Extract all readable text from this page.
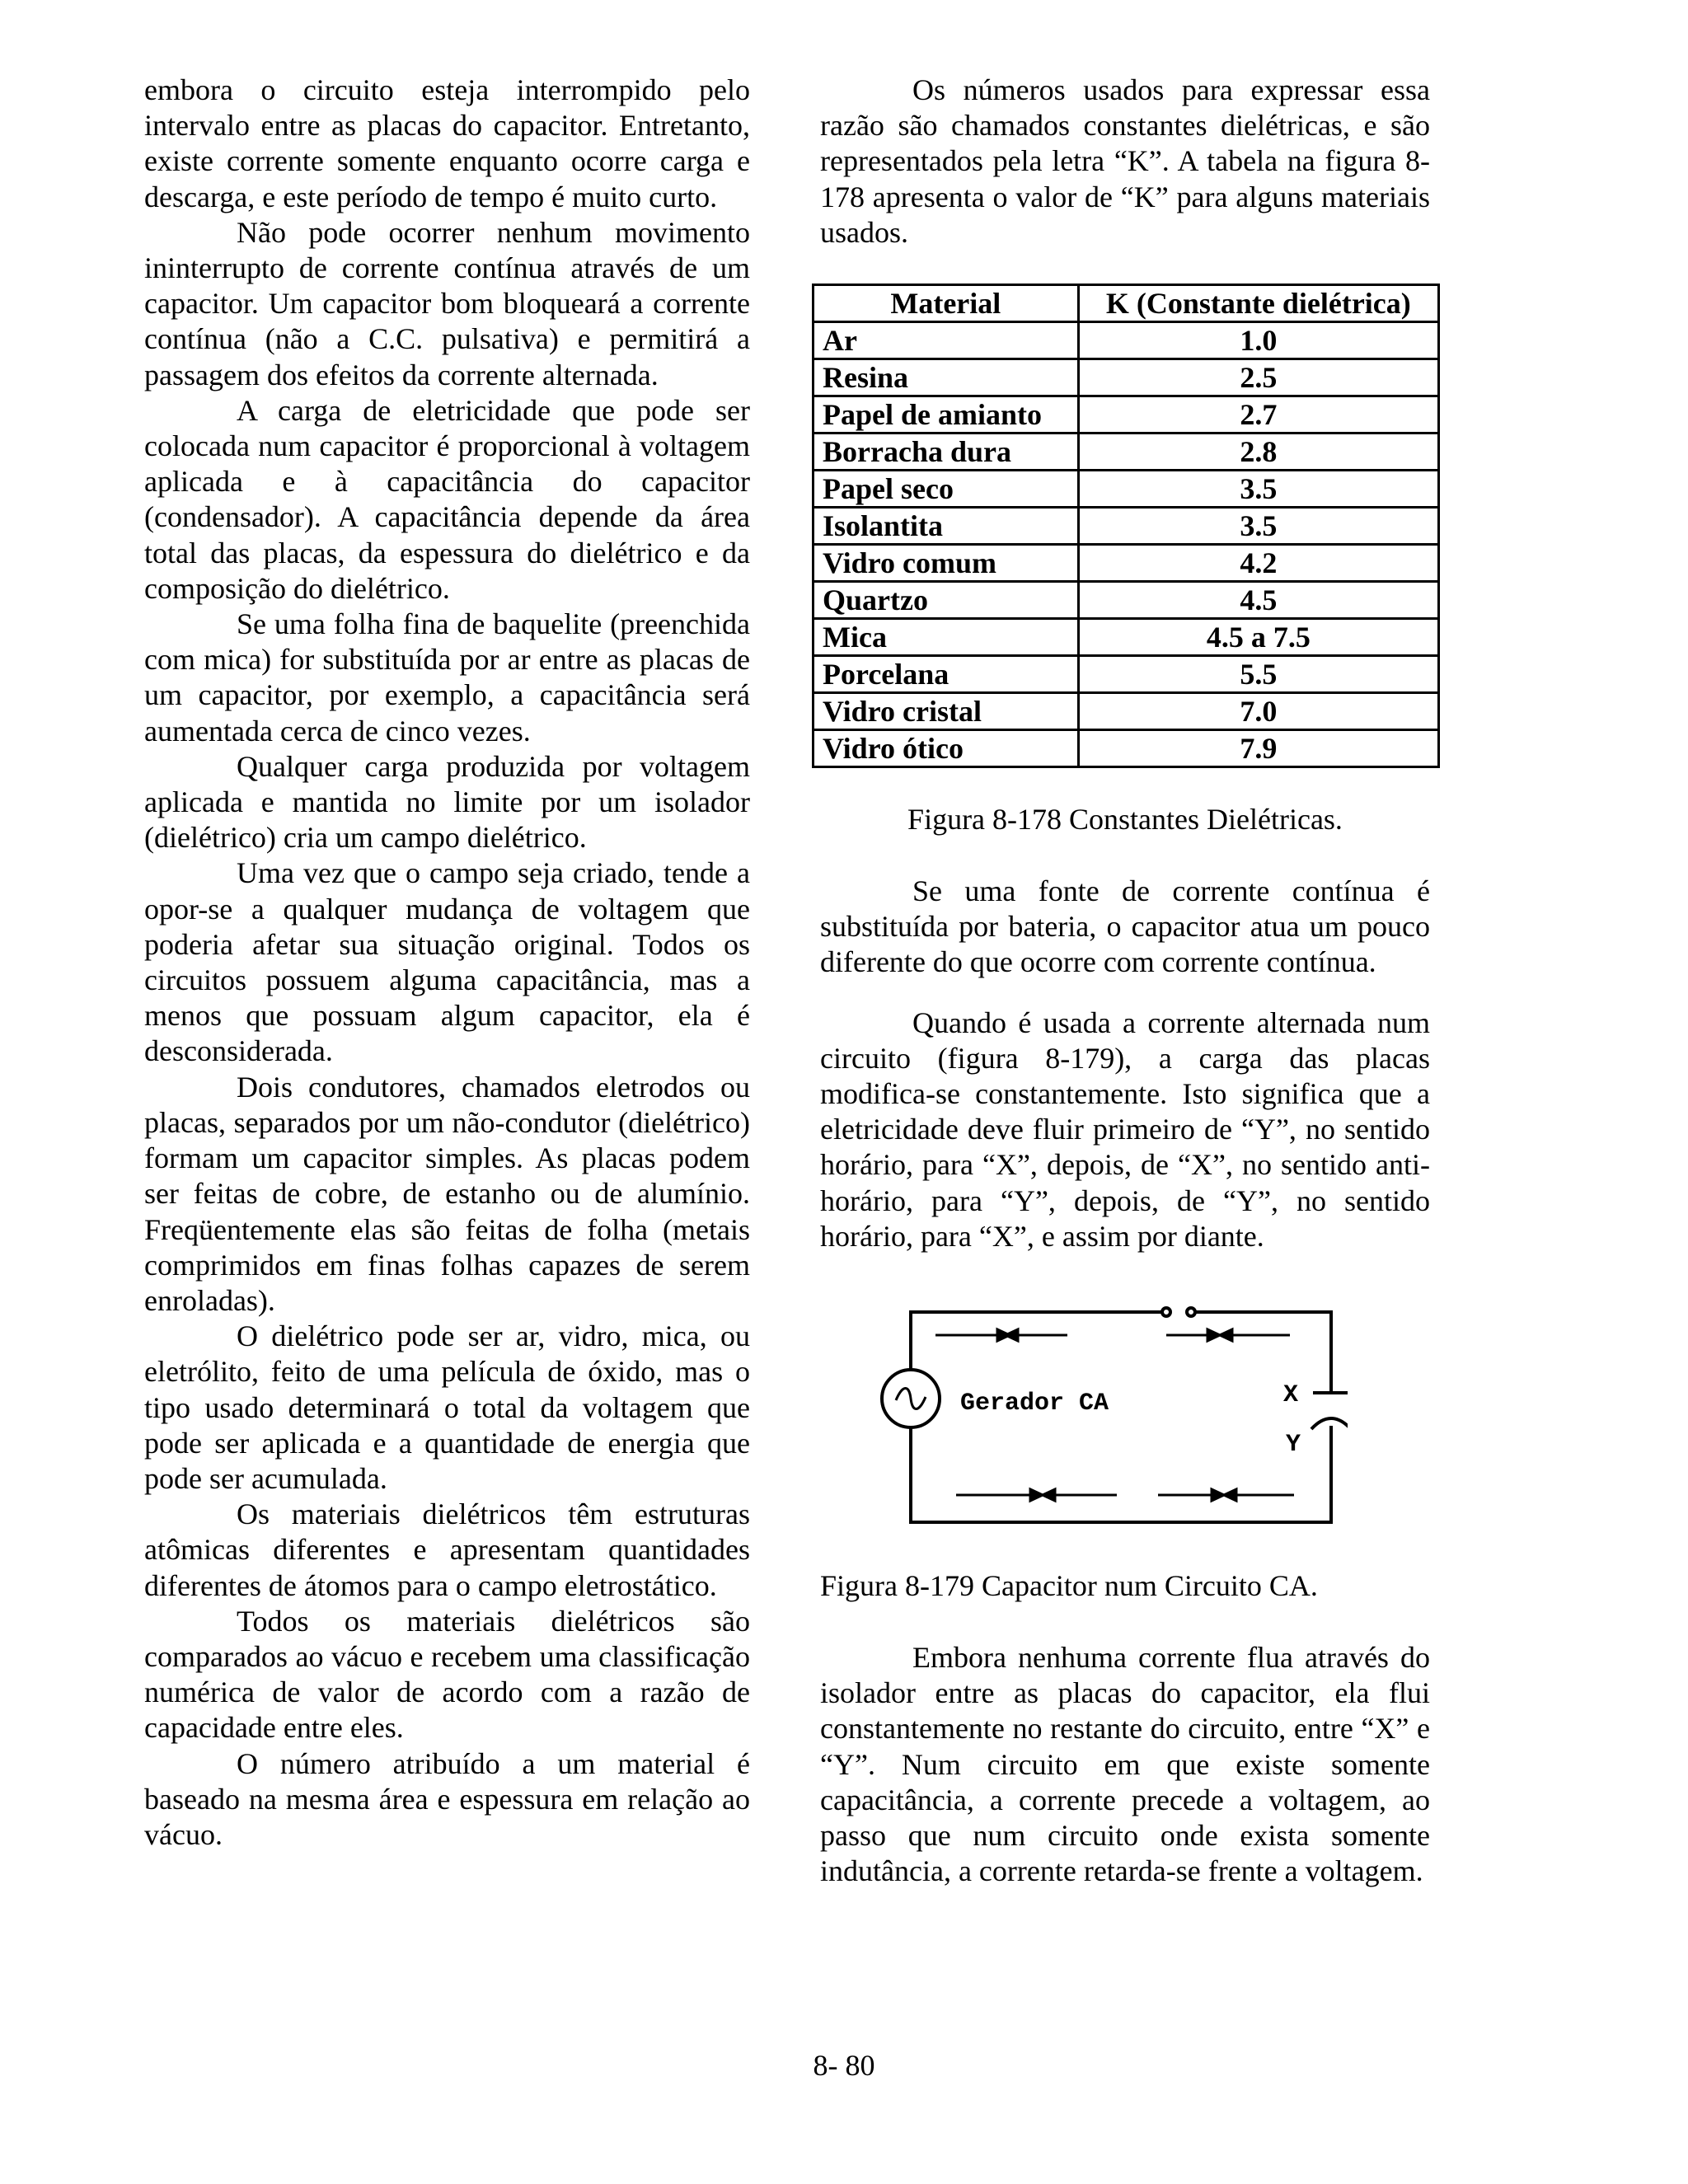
embora o circuito esteja interrompido pelo intervalo entre as placas do capacitor. Entretanto, existe corrente somente enquanto ocorre carga e descarga, e este período de tempo é muito curto.

Não pode ocorrer nenhum movimento ininterrupto de corrente contínua através de um capacitor. Um capacitor bom bloqueará a corrente contínua (não a C.C. pulsativa) e permitirá a passagem dos efeitos da corrente alternada.

A carga de eletricidade que pode ser colocada num capacitor é proporcional à voltagem aplicada e à capacitância do capacitor (condensador). A capacitância depende da área total das placas, da espessura do dielétrico e da composição do dielétrico.

Se uma folha fina de baquelite (preenchida com mica) for substituída por ar entre as placas de um capacitor, por exemplo, a capacitância será aumentada cerca de cinco vezes.

Qualquer carga produzida por voltagem aplicada e mantida no limite por um isolador (dielétrico) cria um campo dielétrico.

Uma vez que o campo seja criado, tende a opor-se a qualquer mudança de voltagem que poderia afetar sua situação original. Todos os circuitos possuem alguma capacitância, mas a menos que possuam algum capacitor, ela é desconsiderada.

Dois condutores, chamados eletrodos ou placas, separados por um não-condutor (dielétrico) formam um capacitor simples. As placas podem ser feitas de cobre, de estanho ou de alumínio. Freqüentemente elas são feitas de folha (metais comprimidos em finas folhas capazes de serem enroladas).

O dielétrico pode ser ar, vidro, mica, ou eletrólito, feito de uma película de óxido, mas o tipo usado determinará o total da voltagem que pode ser aplicada e a quantidade de energia que pode ser acumulada.

Os materiais dielétricos têm estruturas atômicas diferentes e apresentam quantidades diferentes de átomos para o campo eletrostático.

Todos os materiais dielétricos são comparados ao vácuo e recebem uma classificação numérica de valor de acordo com a razão de capacidade entre eles.

O número atribuído a um material é baseado na mesma área e espessura em relação ao vácuo.

Os números usados para expressar essa razão são chamados constantes dielétricas, e são representados pela letra “K”. A tabela na figura 8-178 apresenta o valor de “K” para alguns materiais usados.

Material	K (Constante dielétrica)
Ar	1.0
Resina	2.5
Papel de amianto	2.7
Borracha dura	2.8
Papel seco	3.5
Isolantita	3.5
Vidro comum	4.2
Quartzo	4.5
Mica	4.5 a 7.5
Porcelana	5.5
Vidro cristal	7.0
Vidro ótico	7.9

Figura 8-178 Constantes Dielétricas.

Se uma fonte de corrente contínua é substituída por bateria, o capacitor atua um pouco diferente do que ocorre com corrente contínua.

Quando é usada a corrente alternada num circuito (figura 8-179), a carga das placas modifica-se constantemente. Isto significa que a eletricidade deve fluir primeiro de “Y”, no sentido horário, para “X”, depois, de “X”, no sentido anti-horário, para “Y”, depois, de “Y”, no sentido horário, para “X”, e assim por diante.

Gerador CA	X
Y

Figura 8-179 Capacitor num Circuito CA.

Embora nenhuma corrente flua através do isolador entre as placas do capacitor, ela flui constantemente no restante do circuito, entre “X” e “Y”. Num circuito em que existe somente capacitância, a corrente precede a voltagem, ao passo que num circuito onde exista somente indutância, a corrente retarda-se frente a voltagem.

8- 80
